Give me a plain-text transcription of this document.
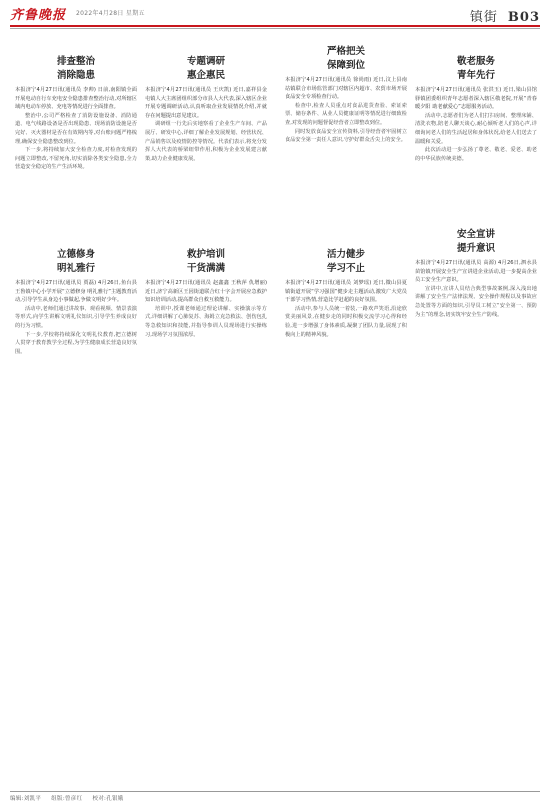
齐鲁晚报 2022年4月28日 星期五	镇街 B03
排查整治
消除隐患

本报济宁4月27日讯(通讯员 李帅) 日前,南阳镇全面开展电动自行车充电安全隐患排查整治行动,对所辖区域内电动车停放、充电等情况进行全面排查。

整治中,公司严格检查了消防设施设备、消防通道、电气线路设备是否出现隐患、现场消防设施是否完好、灭火器材是否在有效期内等,对台账问题严格梳理,确保安全隐患整改到位。

下一步,将持续加大安全检查力度,对检查发现的问题立即整改,不留死角,切实消除各类安全隐患,全力营造安全稳定的生产生活环境。

专题调研
惠企惠民

本报济宁4月27日讯(通讯员 王庆凯) 近日,嘉祥县金屯镇人大主席团组织部分市县人大代表,深入辖区企业开展专题调研活动,认真听取企业发展情况介绍,并就存在问题提出意见建议。

调研组一行先后实地察看了企业生产车间、产品展厅、研发中心,详细了解企业发展规划、经营状况、产品销售以及疫情防控等情况。代表们表示,将充分发挥人大代表的桥梁纽带作用,积极为企业发展建言献策,助力企业健康发展。

严格把关
保障到位

本报济宁4月27日讯(通讯员 徐尚雨) 近日,汶上县南站镇联合市场监管部门对辖区内超市、农贸市场开展食品安全专项检查行动。

检查中,检查人员重点对食品进货查验、索证索票、储存条件、从业人员健康证明等情况进行细致检查,对发现的问题督促经营者立即整改到位。

同时发放食品安全宣传资料,引导经营者牢固树立食品安全第一责任人意识,守护好群众舌尖上的安全。

敬老服务
青年先行

本报济宁4月27日讯(通讯员 张洪玉) 近日,梁山县馆驿镇团委组织青年志愿者深入辖区敬老院,开展“青春暖夕阳 助老献爱心”志愿服务活动。

活动中,志愿者们为老人们打扫房间、整理床铺、清洗衣物,陪老人聊天谈心,耐心倾听老人们的心声,详细询问老人们的生活起居和身体状况,给老人们送去了温暖和关爱。

此次活动进一步弘扬了尊老、敬老、爱老、助老的中华民族传统美德。

立德修身
明礼雅行

本报济宁4月27日讯(通讯员 贾磊) 4月26日,鱼台县王鲁镇中心小学开展“立德修身 明礼雅行”主题教育活动,引导学生从身边小事做起,争做文明好少年。

活动中,老师们通过讲故事、观看视频、情景表演等形式,向学生讲解文明礼仪知识,引导学生养成良好的行为习惯。

下一步,学校将持续深化文明礼仪教育,把立德树人贯穿于教育教学全过程,为学生健康成长营造良好氛围。

救护培训
干货满满

本报济宁4月27日讯(通讯员 赵鑫鑫 王秋萍 仇增丽) 近日,济宁高新区王因街道联合红十字会开展应急救护知识培训活动,提高群众自救互救能力。

培训中,授课老师通过理论讲解、实操演示等方式,详细讲解了心肺复苏、海姆立克急救法、创伤包扎等急救知识和技能,并指导参训人员现场进行实操练习,现场学习氛围浓厚。

活力健步
学习不止

本报济宁4月27日讯(通讯员 刘梦瑶) 近日,微山县夏镇街道开展“学习强国”健步走主题活动,激发广大党员干部学习热情,营造比学赶超的良好氛围。

活动中,参与人员统一着装,一路欢声笑语,沿途欣赏美丽风景,在健步走的同时积极交流学习心得和经验,进一步增强了身体素质,凝聚了团队力量,展现了积极向上的精神风貌。

安全宣讲
提升意识

本报济宁4月27日讯(通讯员 高源) 4月26日,泗水县苗馆镇开展安全生产宣讲进企业活动,进一步提高企业员工安全生产意识。

宣讲中,宣讲人员结合典型事故案例,深入浅出地讲解了安全生产法律法规、安全操作规程以及事故应急处置等方面的知识,引导员工树立“安全第一、预防为主”的理念,切实筑牢安全生产防线。

编辑:刘凯平 组版:曾彦红 校对:孔银娥
